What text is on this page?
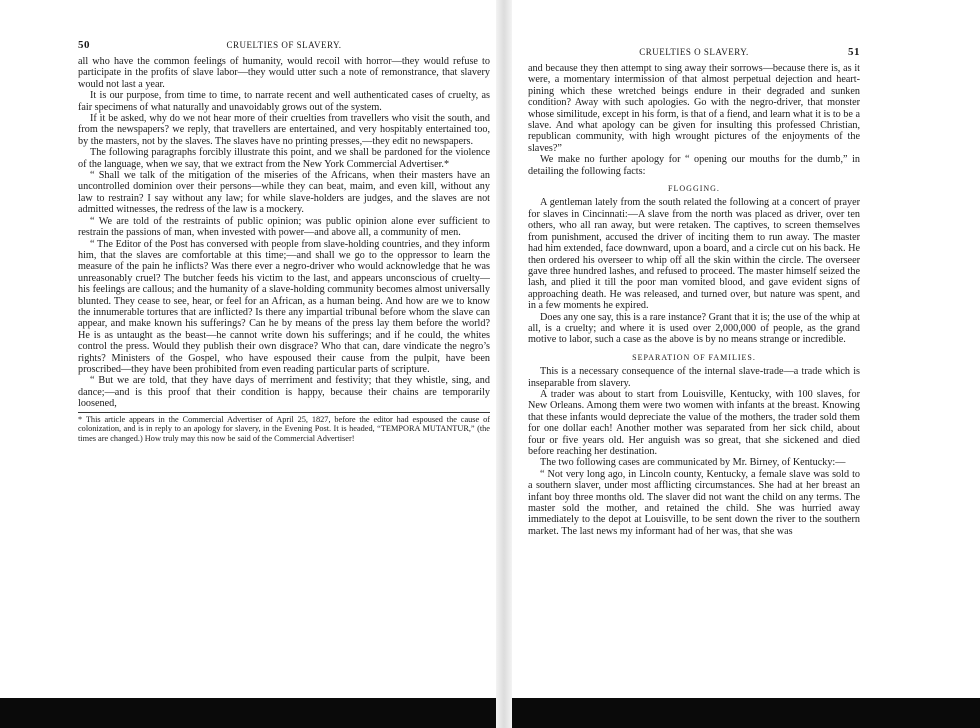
50	CRUELTIES OF SLAVERY.

all who have the common feelings of humanity, would recoil with horror—they would refuse to participate in the profits of slave labor—they would utter such a note of remonstrance, that slavery would not last a year.

It is our purpose, from time to time, to narrate recent and well authenticated cases of cruelty, as fair specimens of what naturally and unavoidably grows out of the system.

If it be asked, why do we not hear more of their cruelties from travellers who visit the south, and from the newspapers? we reply, that travellers are entertained, and very hospitably entertained too, by the masters, not by the slaves. The slaves have no printing presses,—they edit no newspapers.

The following paragraphs forcibly illustrate this point, and we shall be pardoned for the violence of the language, when we say, that we extract from the New York Commercial Advertiser.*

“ Shall we talk of the mitigation of the miseries of the Africans, when their masters have an uncontrolled dominion over their persons—while they can beat, maim, and even kill, without any law to restrain? I say without any law; for while slave-holders are judges, and the slaves are not admitted witnesses, the redress of the law is a mockery.

“ We are told of the restraints of public opinion; was public opinion alone ever sufficient to restrain the passions of man, when invested with power—and above all, a community of men.

“ The Editor of the Post has conversed with people from slave-holding countries, and they inform him, that the slaves are comfortable at this time;—and shall we go to the oppressor to learn the measure of the pain he inflicts? Was there ever a negro-driver who would acknowledge that he was unreasonably cruel? The butcher feeds his victim to the last, and appears unconscious of cruelty—his feelings are callous; and the humanity of a slave-holding community becomes almost universally blunted. They cease to see, hear, or feel for an African, as a human being. And how are we to know the innumerable tortures that are inflicted? Is there any impartial tribunal before whom the slave can appear, and make known his sufferings? Can he by means of the press lay them before the world? He is as untaught as the beast—he cannot write down his sufferings; and if he could, the whites control the press. Would they publish their own disgrace? Who that can, dare vindicate the negro’s rights? Ministers of the Gospel, who have espoused their cause from the pulpit, have been proscribed—they have been prohibited from even reading particular parts of scripture.

“ But we are told, that they have days of merriment and festivity; that they whistle, sing, and dance;—and is this proof that their condition is happy, because their chains are temporarily loosened,

* This article appears in the Commercial Advertiser of April 25, 1827, before the editor had espoused the cause of colonization, and is in reply to an apology for slavery, in the Evening Post. It is headed, “TEMPORA MUTANTUR,” (the times are changed.) How truly may this now be said of the Commercial Advertiser!
CRUELTIES O SLAVERY.	51

and because they then attempt to sing away their sorrows—because there is, as it were, a momentary intermission of that almost perpetual dejection and heart-pining which these wretched beings endure in their degraded and sunken condition? Away with such apologies. Go with the negro-driver, that monster whose similitude, except in his form, is that of a fiend, and learn what it is to be a slave. And what apology can be given for insulting this professed Christian, republican community, with high wrought pictures of the enjoyments of the slaves?”

We make no further apology for “ opening our mouths for the dumb,” in detailing the following facts:

FLOGGING.

A gentleman lately from the south related the following at a concert of prayer for slaves in Cincinnati:—A slave from the north was placed as driver, over ten others, who all ran away, but were retaken. The captives, to screen themselves from punishment, accused the driver of inciting them to run away. The master had him extended, face downward, upon a board, and a circle cut on his back. He then ordered his overseer to whip off all the skin within the circle. The overseer gave three hundred lashes, and refused to proceed. The master himself seized the lash, and plied it till the poor man vomited blood, and gave evident signs of approaching death. He was released, and turned over, but nature was spent, and in a few moments he expired.

Does any one say, this is a rare instance? Grant that it is; the use of the whip at all, is a cruelty; and where it is used over 2,000,000 of people, as the grand motive to labor, such a case as the above is by no means strange or incredible.

SEPARATION OF FAMILIES.

This is a necessary consequence of the internal slave-trade—a trade which is inseparable from slavery.

A trader was about to start from Louisville, Kentucky, with 100 slaves, for New Orleans. Among them were two women with infants at the breast. Knowing that these infants would depreciate the value of the mothers, the trader sold them for one dollar each! Another mother was separated from her sick child, about four or five years old. Her anguish was so great, that she sickened and died before reaching her destination.

The two following cases are communicated by Mr. Birney, of Kentucky:—

“ Not very long ago, in Lincoln county, Kentucky, a female slave was sold to a southern slaver, under most afflicting circumstances. She had at her breast an infant boy three months old. The slaver did not want the child on any terms. The master sold the mother, and retained the child. She was hurried away immediately to the depot at Louisville, to be sent down the river to the southern market. The last news my informant had of her was, that she was
